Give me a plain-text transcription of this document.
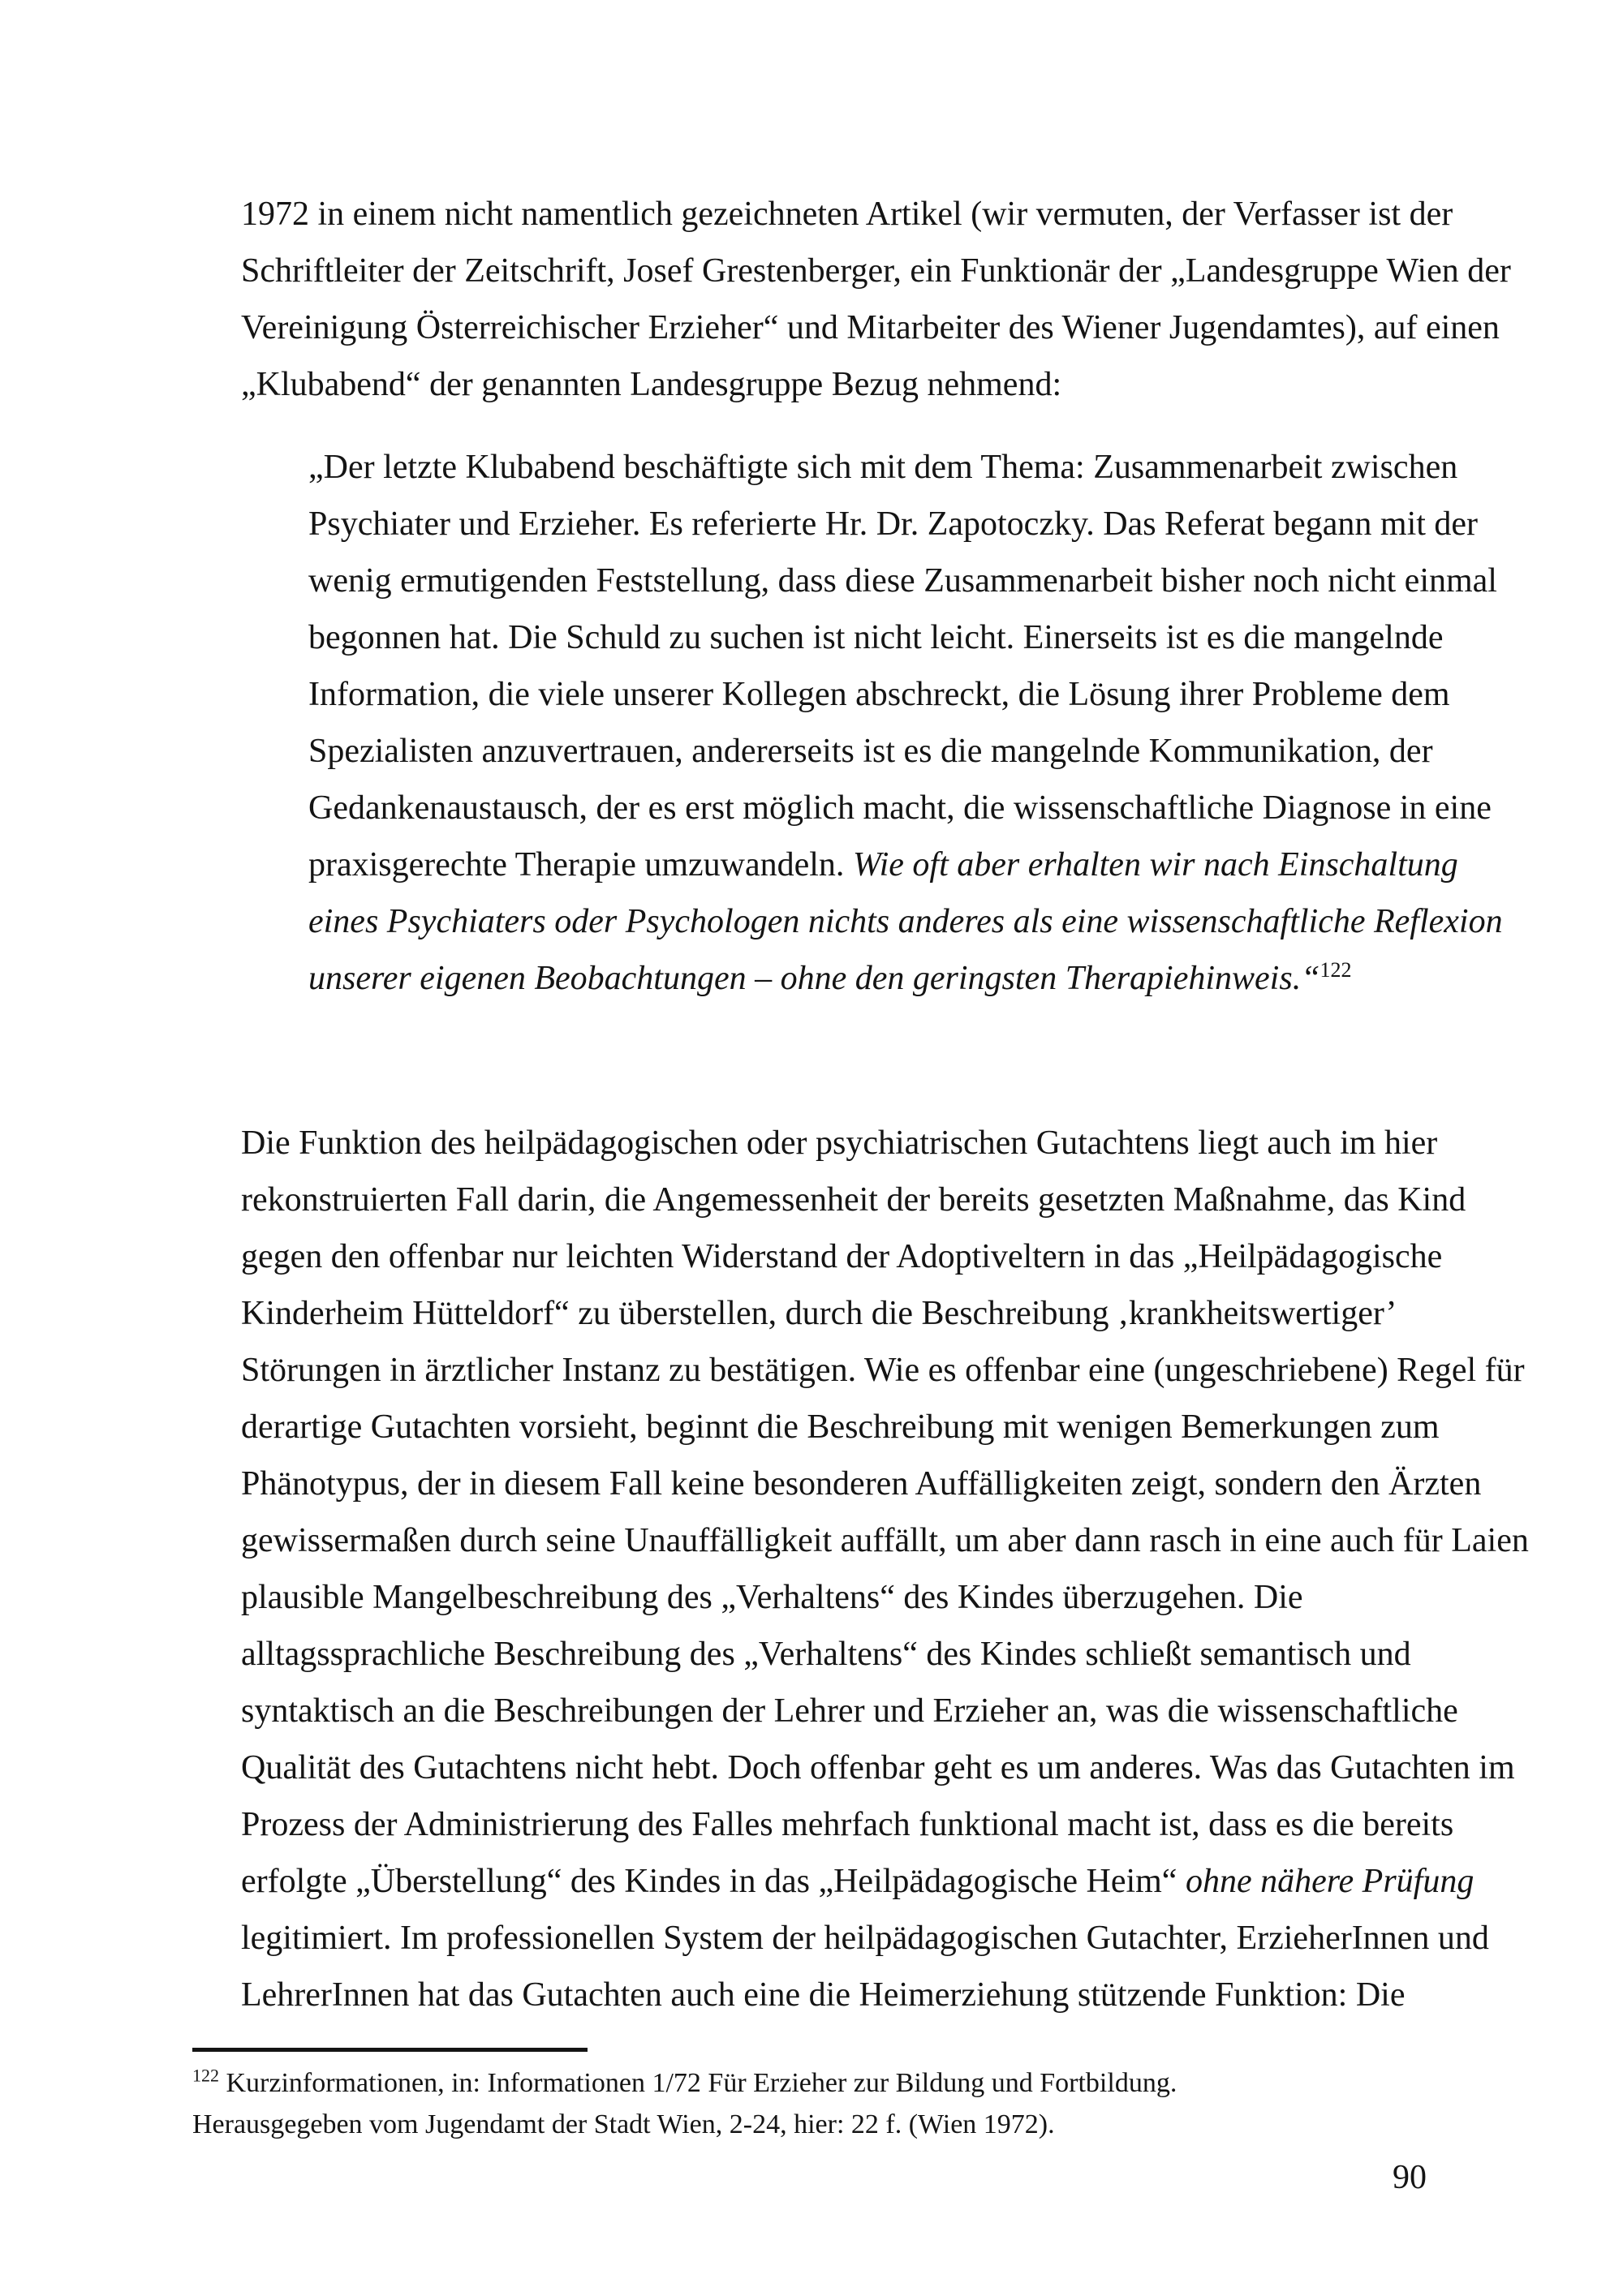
1972 in einem nicht namentlich gezeichneten Artikel (wir vermuten, der Verfasser ist der
Schriftleiter der Zeitschrift, Josef Grestenberger, ein Funktionär der „Landesgruppe Wien der
Vereinigung Österreichischer Erzieher“ und Mitarbeiter des Wiener Jugendamtes), auf einen
„Klubabend“ der genannten Landesgruppe Bezug nehmend:
„Der letzte Klubabend beschäftigte sich mit dem Thema: Zusammenarbeit zwischen
Psychiater und Erzieher. Es referierte Hr. Dr. Zapotoczky. Das Referat begann mit der
wenig ermutigenden Feststellung, dass diese Zusammenarbeit bisher noch nicht einmal
begonnen hat. Die Schuld zu suchen ist nicht leicht. Einerseits ist es die mangelnde
Information, die viele unserer Kollegen abschreckt, die Lösung ihrer Probleme dem
Spezialisten anzuvertrauen, andererseits ist es die mangelnde Kommunikation, der
Gedankenaustausch, der es erst möglich macht, die wissenschaftliche Diagnose in eine
praxisgerechte Therapie umzuwandeln. Wie oft aber erhalten wir nach Einschaltung
eines Psychiaters oder Psychologen nichts anderes als eine wissenschaftliche Reflexion
unserer eigenen Beobachtungen – ohne den geringsten Therapiehinweis.“$^{122}$
Die Funktion des heilpädagogischen oder psychiatrischen Gutachtens liegt auch im hier
rekonstruierten Fall darin, die Angemessenheit der bereits gesetzten Maßnahme, das Kind
gegen den offenbar nur leichten Widerstand der Adoptiveltern in das „Heilpädagogische
Kinderheim Hütteldorf“ zu überstellen, durch die Beschreibung ‚krankheitswertiger’
Störungen in ärztlicher Instanz zu bestätigen. Wie es offenbar eine (ungeschriebene) Regel für
derartige Gutachten vorsieht, beginnt die Beschreibung mit wenigen Bemerkungen zum
Phänotypus, der in diesem Fall keine besonderen Auffälligkeiten zeigt, sondern den Ärzten
gewissermaßen durch seine Unauffälligkeit auffällt, um aber dann rasch in eine auch für Laien
plausible Mangelbeschreibung des „Verhaltens“ des Kindes überzugehen. Die
alltagssprachliche Beschreibung des „Verhaltens“ des Kindes schließt semantisch und
syntaktisch an die Beschreibungen der Lehrer und Erzieher an, was die wissenschaftliche
Qualität des Gutachtens nicht hebt. Doch offenbar geht es um anderes. Was das Gutachten im
Prozess der Administrierung des Falles mehrfach funktional macht ist, dass es die bereits
erfolgte „Überstellung“ des Kindes in das „Heilpädagogische Heim“ ohne nähere Prüfung
legitimiert. Im professionellen System der heilpädagogischen Gutachter, ErzieherInnen und
LehrerInnen hat das Gutachten auch eine die Heimerziehung stützende Funktion: Die
$^{122}$ Kurzinformationen, in: Informationen 1/72 Für Erzieher zur Bildung und Fortbildung.
Herausgegeben vom Jugendamt der Stadt Wien, 2-24, hier: 22 f. (Wien 1972).
90
